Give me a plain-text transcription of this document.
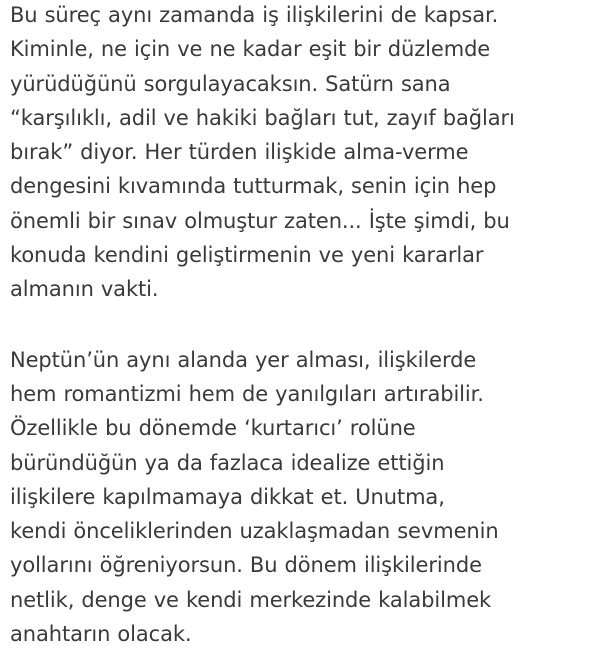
Bu süreç aynı zamanda iş ilişkilerini de kapsar.
Kiminle, ne için ve ne kadar eşit bir düzlemde
yürüdüğünü sorgulayacaksın. Satürn sana
“karşılıklı, adil ve hakiki bağları tut, zayıf bağları
bırak” diyor. Her türden ilişkide alma-verme
dengesini kıvamında tutturmak, senin için hep
önemli bir sınav olmuştur zaten... İşte şimdi, bu
konuda kendini geliştirmenin ve yeni kararlar
almanın vakti.

Neptün’ün aynı alanda yer alması, ilişkilerde
hem romantizmi hem de yanılgıları artırabilir.
Özellikle bu dönemde ‘kurtarıcı’ rolüne
büründüğün ya da fazlaca idealize ettiğin
ilişkilere kapılmamaya dikkat et. Unutma,
kendi önceliklerinden uzaklaşmadan sevmenin
yollarını öğreniyorsun. Bu dönem ilişkilerinde
netlik, denge ve kendi merkezinde kalabilmek
anahtarın olacak.
